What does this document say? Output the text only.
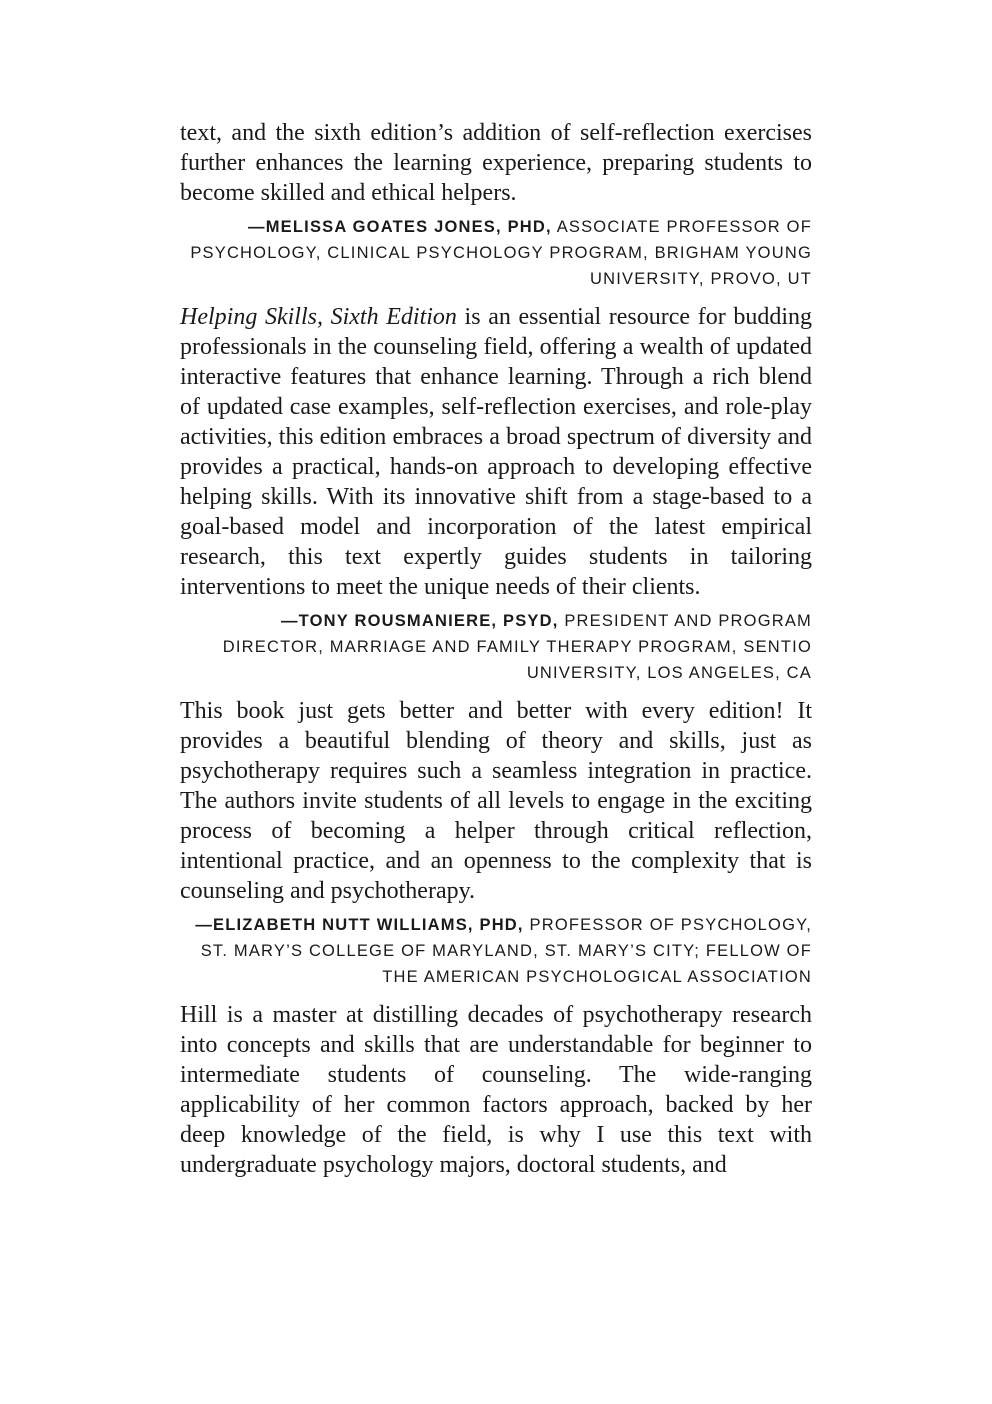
text, and the sixth edition’s addition of self-reflection exercises further enhances the learning experience, preparing students to become skilled and ethical helpers.

—MELISSA GOATES JONES, PHD, ASSOCIATE PROFESSOR OF PSYCHOLOGY, CLINICAL PSYCHOLOGY PROGRAM, BRIGHAM YOUNG UNIVERSITY, PROVO, UT

Helping Skills, Sixth Edition is an essential resource for budding professionals in the counseling field, offering a wealth of updated interactive features that enhance learning. Through a rich blend of updated case examples, self-reflection exercises, and role-play activities, this edition embraces a broad spectrum of diversity and provides a practical, hands-on approach to developing effective helping skills. With its innovative shift from a stage-based to a goal-based model and incorporation of the latest empirical research, this text expertly guides students in tailoring interventions to meet the unique needs of their clients.

—TONY ROUSMANIERE, PSYD, PRESIDENT AND PROGRAM DIRECTOR, MARRIAGE AND FAMILY THERAPY PROGRAM, SENTIO UNIVERSITY, LOS ANGELES, CA

This book just gets better and better with every edition! It provides a beautiful blending of theory and skills, just as psychotherapy requires such a seamless integration in practice. The authors invite students of all levels to engage in the exciting process of becoming a helper through critical reflection, intentional practice, and an openness to the complexity that is counseling and psychotherapy.

—ELIZABETH NUTT WILLIAMS, PHD, PROFESSOR OF PSYCHOLOGY, ST. MARY’S COLLEGE OF MARYLAND, ST. MARY’S CITY; FELLOW OF THE AMERICAN PSYCHOLOGICAL ASSOCIATION

Hill is a master at distilling decades of psychotherapy research into concepts and skills that are understandable for beginner to intermediate students of counseling. The wide-ranging applicability of her common factors approach, backed by her deep knowledge of the field, is why I use this text with undergraduate psychology majors, doctoral students, and
